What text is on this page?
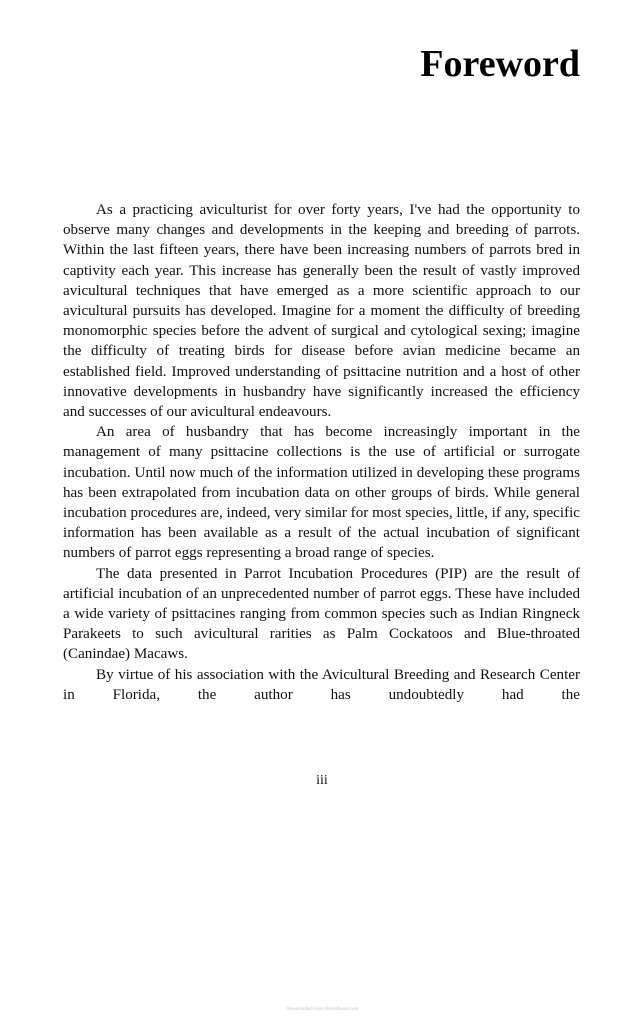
Foreword

As a practicing aviculturist for over forty years, I've had the opportunity to observe many changes and developments in the keeping and breeding of parrots. Within the last fifteen years, there have been increasing numbers of parrots bred in captivity each year. This increase has generally been the result of vastly improved avicultural techniques that have emerged as a more scientific approach to our avicultural pursuits has developed. Imagine for a moment the difficulty of breeding monomorphic species before the advent of surgical and cytological sexing; imagine the difficulty of treating birds for disease before avian medicine became an established field. Improved understanding of psittacine nutrition and a host of other innovative developments in husbandry have significantly increased the efficiency and successes of our avicultural endeavours.

An area of husbandry that has become increasingly important in the management of many psittacine collections is the use of artificial or surrogate incubation. Until now much of the information utilized in developing these programs has been extrapolated from incubation data on other groups of birds. While general incubation procedures are, indeed, very similar for most species, little, if any, specific information has been available as a result of the actual incubation of significant numbers of parrot eggs representing a broad range of species.

The data presented in Parrot Incubation Procedures (PIP) are the result of artificial incubation of an unprecedented number of parrot eggs. These have included a wide variety of psittacines ranging from common species such as Indian Ringneck Parakeets to such avicultural rarities as Palm Cockatoos and Blue-throated (Canindae) Macaws.

By virtue of his association with the Avicultural Breeding and Research Center in Florida, the author has undoubtedly had the

iii
Downloaded From NetroBooks.com
